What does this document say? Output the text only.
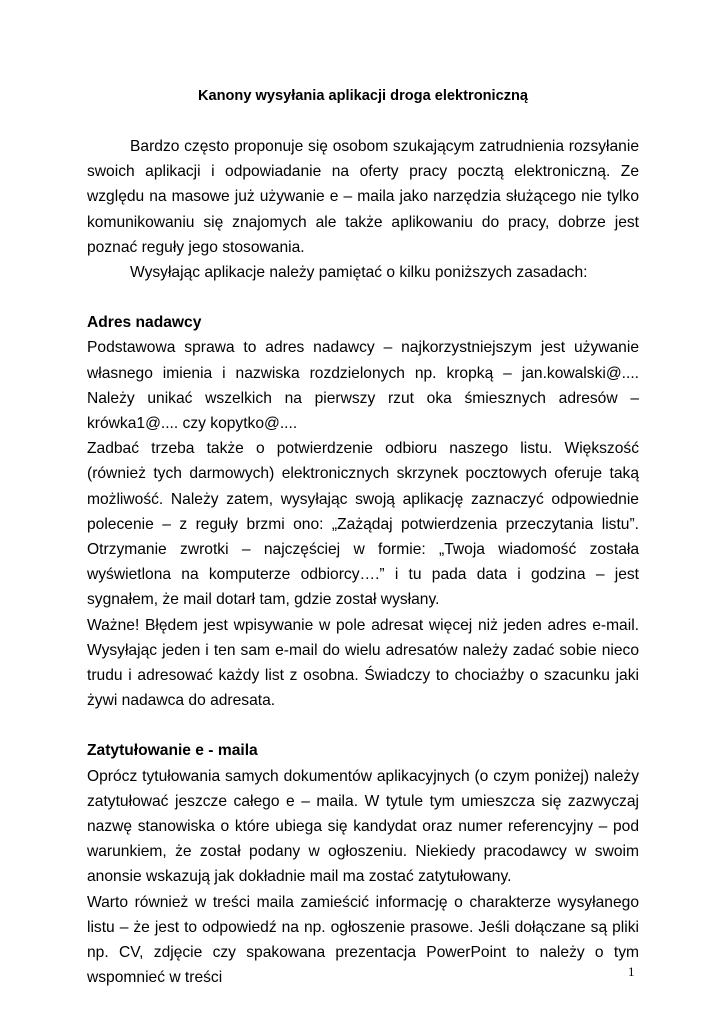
Kanony wysyłania aplikacji droga elektroniczną

Bardzo często proponuje się osobom szukającym zatrudnienia rozsyłanie swoich aplikacji i odpowiadanie na oferty pracy pocztą elektroniczną. Ze względu na masowe już używanie e – maila jako narzędzia służącego nie tylko komunikowaniu się znajomych ale także aplikowaniu do pracy, dobrze jest poznać reguły jego stosowania.

Wysyłając aplikacje należy pamiętać o kilku poniższych zasadach:

Adres nadawcy

Podstawowa sprawa to adres nadawcy – najkorzystniejszym jest używanie własnego imienia i nazwiska rozdzielonych np. kropką – jan.kowalski@.... Należy unikać wszelkich na pierwszy rzut oka śmiesznych adresów – krówka1@.... czy kopytko@....

Zadbać trzeba także o potwierdzenie odbioru naszego listu. Większość (również tych darmowych) elektronicznych skrzynek pocztowych oferuje taką możliwość. Należy zatem, wysyłając swoją aplikację zaznaczyć odpowiednie polecenie – z reguły brzmi ono: „Zażądaj potwierdzenia przeczytania listu”. Otrzymanie zwrotki – najczęściej w formie: „Twoja wiadomość została wyświetlona na komputerze odbiorcy….” i tu pada data i godzina – jest sygnałem, że mail dotarł tam, gdzie został wysłany.

Ważne! Błędem jest wpisywanie w pole adresat więcej niż jeden adres e-mail. Wysyłając jeden i ten sam e-mail do wielu adresatów należy zadać sobie nieco trudu i adresować każdy list z osobna. Świadczy to chociażby o szacunku jaki żywi nadawca do adresata.

Zatytułowanie e - maila

Oprócz tytułowania samych dokumentów aplikacyjnych (o czym poniżej) należy zatytułować jeszcze całego e – maila. W tytule tym umieszcza się zazwyczaj nazwę stanowiska o które ubiega się kandydat oraz numer referencyjny – pod warunkiem, że został podany w ogłoszeniu. Niekiedy pracodawcy w swoim anonsie wskazują jak dokładnie mail ma zostać zatytułowany.

Warto również w treści maila zamieścić informację o charakterze wysyłanego listu – że jest to odpowiedź na np. ogłoszenie prasowe. Jeśli dołączane są pliki np. CV, zdjęcie czy spakowana prezentacja PowerPoint to należy o tym wspomnieć w treści	1
